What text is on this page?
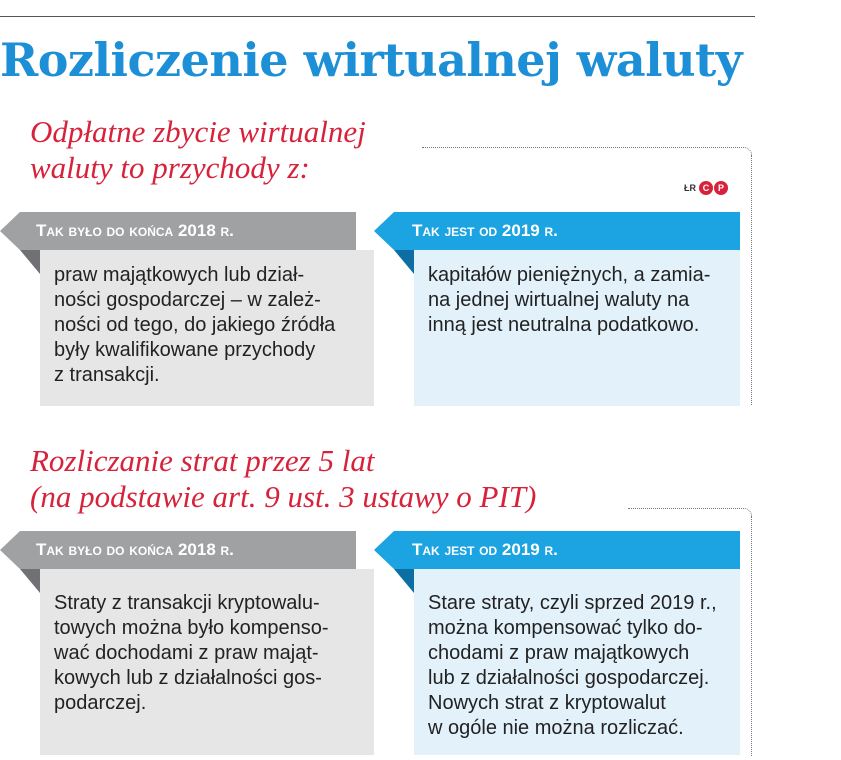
Rozliczenie wirtualnej waluty
Odpłatne zbycie wirtualnej
waluty to przychody z:
ŁR C P
Tak było do końca 2018 r.

praw majątkowych lub dział-

ności gospodarczej – w zależ-

ności od tego, do jakiego źródła

były kwalifikowane przychody

z transakcji.

Tak jest od 2019 r.

kapitałów pieniężnych, a zamia-

na jednej wirtualnej waluty na

inną jest neutralna podatkowo.

Rozliczanie strat przez 5 lat
(na podstawie art. 9 ust. 3 ustawy o PIT)
Tak było do końca 2018 r.

Straty z transakcji kryptowalu-

towych można było kompenso-

wać dochodami z praw mająt-

kowych lub z działalności gos-

podarczej.

Tak jest od 2019 r.

Stare straty, czyli sprzed 2019 r.,

można kompensować tylko do-

chodami z praw majątkowych

lub z działalności gospodarczej.

Nowych strat z kryptowalut

w ogóle nie można rozliczać.
